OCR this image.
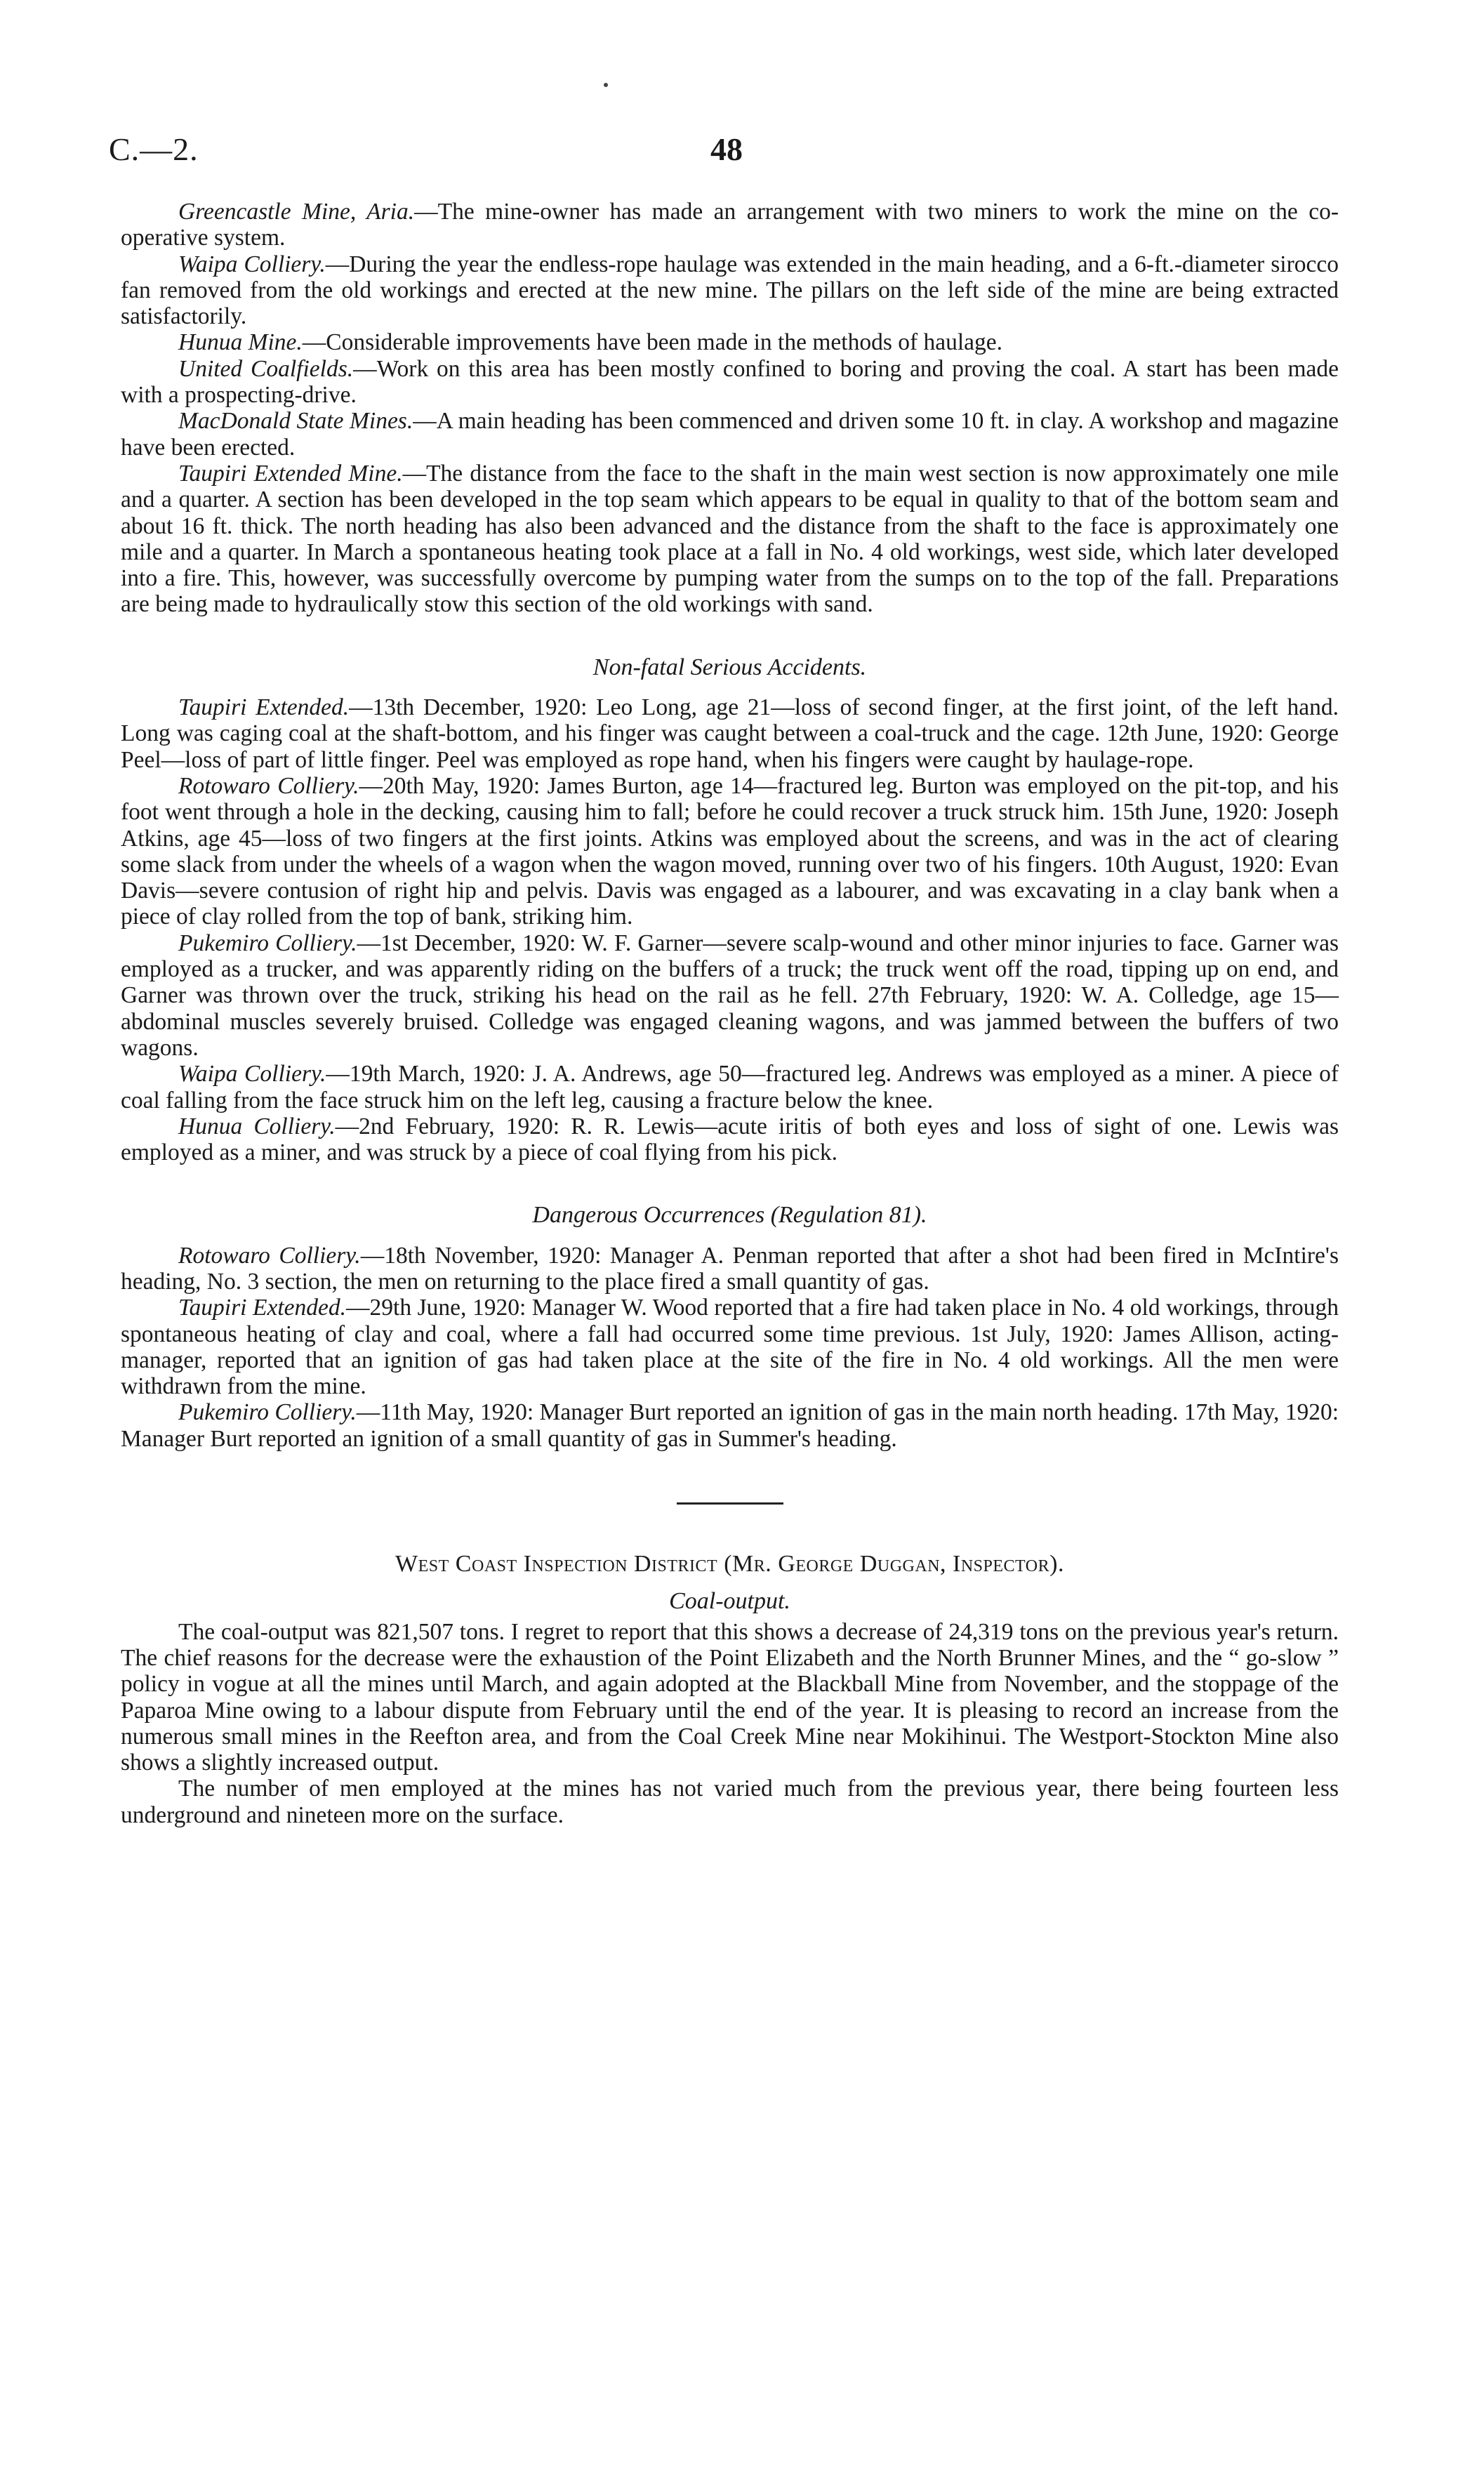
C.—2.	48

Greencastle Mine, Aria.—The mine-owner has made an arrangement with two miners to work the mine on the co-operative system.

Waipa Colliery.—During the year the endless-rope haulage was extended in the main heading, and a 6-ft.-diameter sirocco fan removed from the old workings and erected at the new mine. The pillars on the left side of the mine are being extracted satisfactorily.

Hunua Mine.—Considerable improvements have been made in the methods of haulage.

United Coalfields.—Work on this area has been mostly confined to boring and proving the coal. A start has been made with a prospecting-drive.

MacDonald State Mines.—A main heading has been commenced and driven some 10 ft. in clay. A workshop and magazine have been erected.

Taupiri Extended Mine.—The distance from the face to the shaft in the main west section is now approximately one mile and a quarter. A section has been developed in the top seam which appears to be equal in quality to that of the bottom seam and about 16 ft. thick. The north heading has also been advanced and the distance from the shaft to the face is approximately one mile and a quarter. In March a spontaneous heating took place at a fall in No. 4 old workings, west side, which later developed into a fire. This, however, was successfully overcome by pumping water from the sumps on to the top of the fall. Preparations are being made to hydraulically stow this section of the old workings with sand.

Non-fatal Serious Accidents.

Taupiri Extended.—13th December, 1920: Leo Long, age 21—loss of second finger, at the first joint, of the left hand. Long was caging coal at the shaft-bottom, and his finger was caught between a coal-truck and the cage. 12th June, 1920: George Peel—loss of part of little finger. Peel was employed as rope hand, when his fingers were caught by haulage-rope.

Rotowaro Colliery.—20th May, 1920: James Burton, age 14—fractured leg. Burton was employed on the pit-top, and his foot went through a hole in the decking, causing him to fall; before he could recover a truck struck him. 15th June, 1920: Joseph Atkins, age 45—loss of two fingers at the first joints. Atkins was employed about the screens, and was in the act of clearing some slack from under the wheels of a wagon when the wagon moved, running over two of his fingers. 10th August, 1920: Evan Davis—severe contusion of right hip and pelvis. Davis was engaged as a labourer, and was excavating in a clay bank when a piece of clay rolled from the top of bank, striking him.

Pukemiro Colliery.—1st December, 1920: W. F. Garner—severe scalp-wound and other minor injuries to face. Garner was employed as a trucker, and was apparently riding on the buffers of a truck; the truck went off the road, tipping up on end, and Garner was thrown over the truck, striking his head on the rail as he fell. 27th February, 1920: W. A. Colledge, age 15—abdominal muscles severely bruised. Colledge was engaged cleaning wagons, and was jammed between the buffers of two wagons.

Waipa Colliery.—19th March, 1920: J. A. Andrews, age 50—fractured leg. Andrews was employed as a miner. A piece of coal falling from the face struck him on the left leg, causing a fracture below the knee.

Hunua Colliery.—2nd February, 1920: R. R. Lewis—acute iritis of both eyes and loss of sight of one. Lewis was employed as a miner, and was struck by a piece of coal flying from his pick.

Dangerous Occurrences (Regulation 81).

Rotowaro Colliery.—18th November, 1920: Manager A. Penman reported that after a shot had been fired in McIntire's heading, No. 3 section, the men on returning to the place fired a small quantity of gas.

Taupiri Extended.—29th June, 1920: Manager W. Wood reported that a fire had taken place in No. 4 old workings, through spontaneous heating of clay and coal, where a fall had occurred some time previous. 1st July, 1920: James Allison, acting-manager, reported that an ignition of gas had taken place at the site of the fire in No. 4 old workings. All the men were withdrawn from the mine.

Pukemiro Colliery.—11th May, 1920: Manager Burt reported an ignition of gas in the main north heading. 17th May, 1920: Manager Burt reported an ignition of a small quantity of gas in Summer's heading.

West Coast Inspection District (Mr. George Duggan, Inspector).
Coal-output.

The coal-output was 821,507 tons. I regret to report that this shows a decrease of 24,319 tons on the previous year's return. The chief reasons for the decrease were the exhaustion of the Point Elizabeth and the North Brunner Mines, and the “ go-slow ” policy in vogue at all the mines until March, and again adopted at the Blackball Mine from November, and the stoppage of the Paparoa Mine owing to a labour dispute from February until the end of the year. It is pleasing to record an increase from the numerous small mines in the Reefton area, and from the Coal Creek Mine near Mokihinui. The Westport-Stockton Mine also shows a slightly increased output.

The number of men employed at the mines has not varied much from the previous year, there being fourteen less underground and nineteen more on the surface.
